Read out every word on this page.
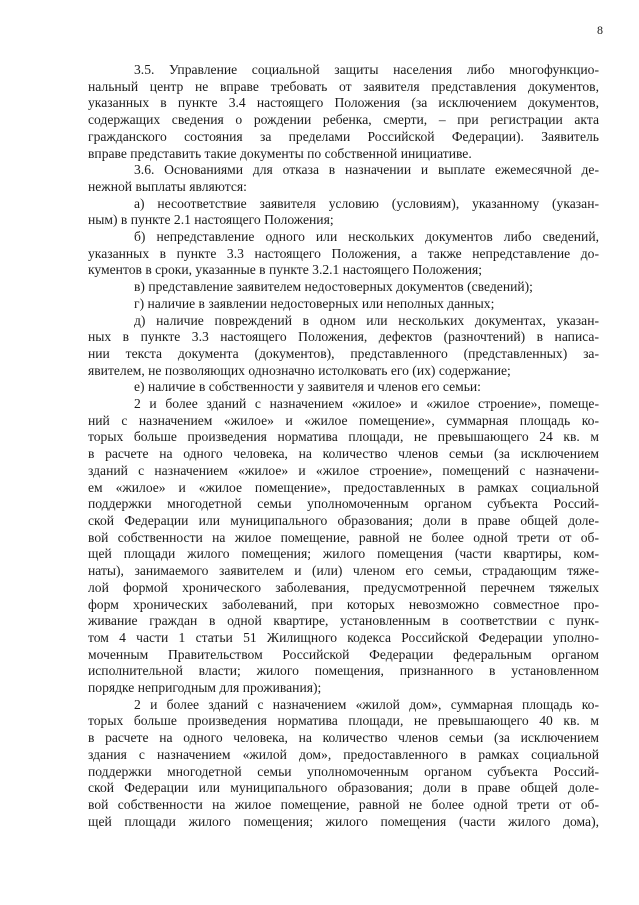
8
3.5. Управление социальной защиты населения либо многофункцио-
нальный центр не вправе требовать от заявителя представления документов,
указанных в пункте 3.4 настоящего Положения (за исключением документов,
содержащих сведения о рождении ребенка, смерти, – при регистрации акта
гражданского состояния за пределами Российской Федерации). Заявитель
вправе представить такие документы по собственной инициативе.
3.6. Основаниями для отказа в назначении и выплате ежемесячной де-
нежной выплаты являются:
а) несоответствие заявителя условию (условиям), указанному (указан-
ным) в пункте 2.1 настоящего Положения;
б) непредставление одного или нескольких документов либо сведений,
указанных в пункте 3.3 настоящего Положения, а также непредставление до-
кументов в сроки, указанные в пункте 3.2.1 настоящего Положения;
в) представление заявителем недостоверных документов (сведений);
г) наличие в заявлении недостоверных или неполных данных;
д) наличие повреждений в одном или нескольких документах, указан-
ных в пункте 3.3 настоящего Положения, дефектов (разночтений) в написа-
нии текста документа (документов), представленного (представленных) за-
явителем, не позволяющих однозначно истолковать его (их) содержание;
е) наличие в собственности у заявителя и членов его семьи:
2 и более зданий с назначением «жилое» и «жилое строение», помеще-
ний с назначением «жилое» и «жилое помещение», суммарная площадь ко-
торых больше произведения норматива площади, не превышающего 24 кв. м
в расчете на одного человека, на количество членов семьи (за исключением
зданий с назначением «жилое» и «жилое строение», помещений с назначени-
ем «жилое» и «жилое помещение», предоставленных в рамках социальной
поддержки многодетной семьи уполномоченным органом субъекта Россий-
ской Федерации или муниципального образования; доли в праве общей доле-
вой собственности на жилое помещение, равной не более одной трети от об-
щей площади жилого помещения; жилого помещения (части квартиры, ком-
наты), занимаемого заявителем и (или) членом его семьи, страдающим тяже-
лой формой хронического заболевания, предусмотренной перечнем тяжелых
форм хронических заболеваний, при которых невозможно совместное про-
живание граждан в одной квартире, установленным в соответствии с пунк-
том 4 части 1 статьи 51 Жилищного кодекса Российской Федерации уполно-
моченным Правительством Российской Федерации федеральным органом
исполнительной власти; жилого помещения, признанного в установленном
порядке непригодным для проживания);
2 и более зданий с назначением «жилой дом», суммарная площадь ко-
торых больше произведения норматива площади, не превышающего 40 кв. м
в расчете на одного человека, на количество членов семьи (за исключением
здания с назначением «жилой дом», предоставленного в рамках социальной
поддержки многодетной семьи уполномоченным органом субъекта Россий-
ской Федерации или муниципального образования; доли в праве общей доле-
вой собственности на жилое помещение, равной не более одной трети от об-
щей площади жилого помещения; жилого помещения (части жилого дома),
